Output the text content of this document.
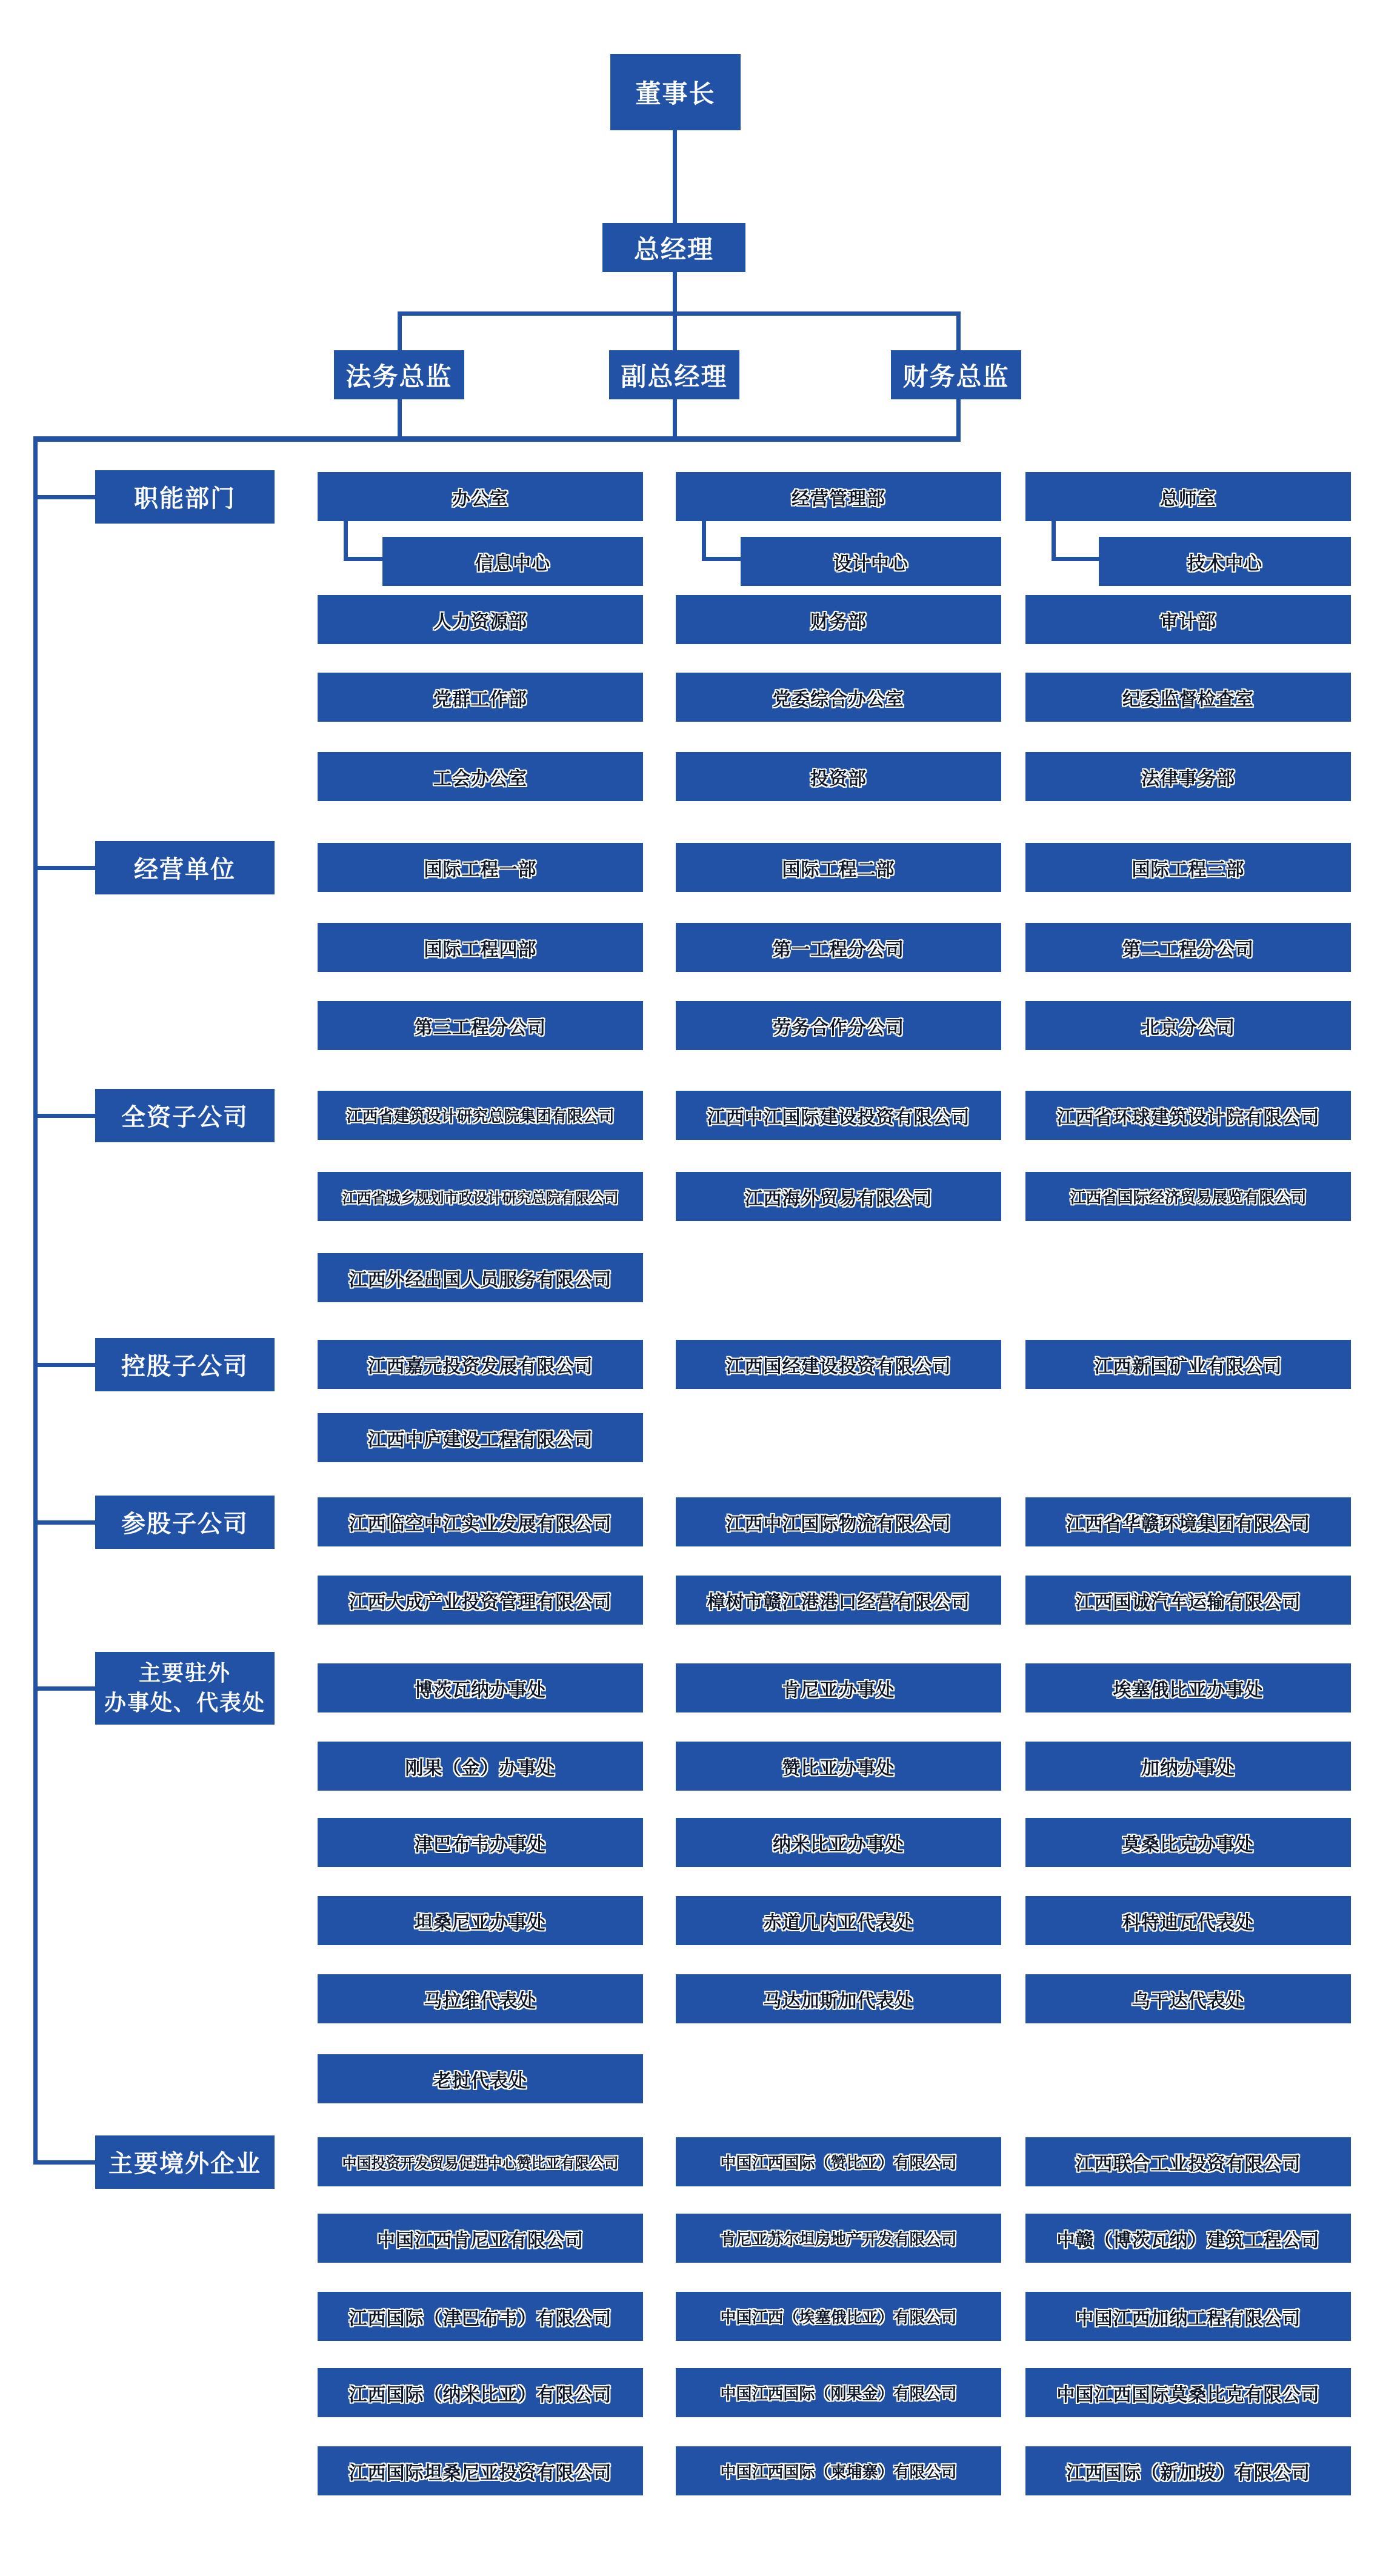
董事长
总经理
法务总监	副总经理	财务总监
职能部门	办公室	经营管理部	总师室
信息中心	设计中心	技术中心
人力资源部	财务部	审计部
党群工作部	党委综合办公室	纪委监督检查室
工会办公室	投资部	法律事务部
经营单位	国际工程一部	国际工程二部	国际工程三部
国际工程四部	第一工程分公司	第二工程分公司
第三工程分公司	劳务合作分公司	北京分公司
全资子公司	江西省建筑设计研究总院集团有限公司	江西中江国际建设投资有限公司	江西省环球建筑设计院有限公司
江西省城乡规划市政设计研究总院有限公司	江西海外贸易有限公司	江西省国际经济贸易展览有限公司
江西外经出国人员服务有限公司
控股子公司	江西嘉元投资发展有限公司	江西国经建设投资有限公司	江西新国矿业有限公司
江西中庐建设工程有限公司
参股子公司	江西临空中江实业发展有限公司	江西中江国际物流有限公司	江西省华赣环境集团有限公司
江西大成产业投资管理有限公司	樟树市赣江港港口经营有限公司	江西国诚汽车运输有限公司
主要驻外
办事处、代表处	博茨瓦纳办事处	肯尼亚办事处	埃塞俄比亚办事处
刚果（金）办事处	赞比亚办事处	加纳办事处
津巴布韦办事处	纳米比亚办事处	莫桑比克办事处
坦桑尼亚办事处	赤道几内亚代表处	科特迪瓦代表处
马拉维代表处	马达加斯加代表处	乌干达代表处
老挝代表处
主要境外企业	中国投资开发贸易促进中心赞比亚有限公司	中国江西国际（赞比亚）有限公司	江西联合工业投资有限公司
中国江西肯尼亚有限公司	肯尼亚苏尔坦房地产开发有限公司	中赣（博茨瓦纳）建筑工程公司
江西国际（津巴布韦）有限公司	中国江西（埃塞俄比亚）有限公司	中国江西加纳工程有限公司
江西国际（纳米比亚）有限公司	中国江西国际（刚果金）有限公司	中国江西国际莫桑比克有限公司
江西国际坦桑尼亚投资有限公司	中国江西国际（柬埔寨）有限公司	江西国际（新加坡）有限公司
